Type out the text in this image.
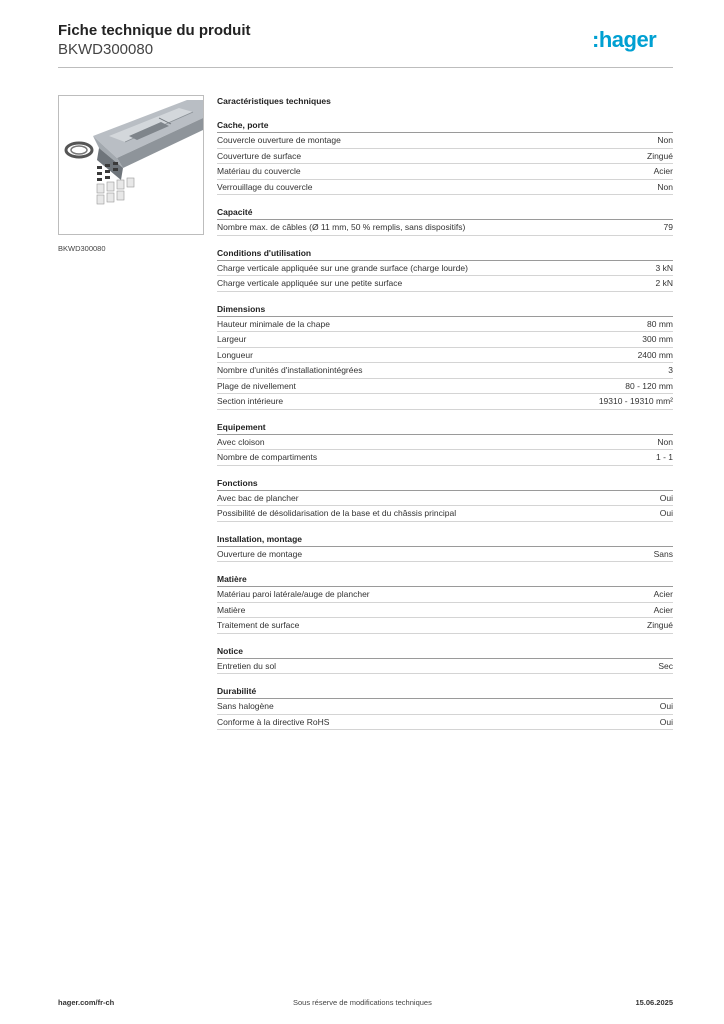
Fiche technique du produit
BKWD300080	:hager
BKWD300080
Caractéristiques techniques
Cache, porte
Couvercle ouverture de montage	Non
Couverture de surface	Zingué
Matériau du couvercle	Acier
Verrouillage du couvercle	Non
Capacité
Nombre max. de câbles (Ø 11 mm, 50 % remplis, sans dispositifs)	79
Conditions d'utilisation
Charge verticale appliquée sur une grande surface (charge lourde)	3 kN
Charge verticale appliquée sur une petite surface	2 kN
Dimensions
Hauteur minimale de la chape	80 mm
Largeur	300 mm
Longueur	2400 mm
Nombre d'unités d'installationintégrées	3
Plage de nivellement	80 - 120 mm
Section intérieure	19310 - 19310 mm²
Equipement
Avec cloison	Non
Nombre de compartiments	1 - 1
Fonctions
Avec bac de plancher	Oui
Possibilité de désolidarisation de la base et du châssis principal	Oui
Installation, montage
Ouverture de montage	Sans
Matière
Matériau paroi latérale/auge de plancher	Acier
Matière	Acier
Traitement de surface	Zingué
Notice
Entretien du sol	Sec
Durabilité
Sans halogène	Oui
Conforme à la directive RoHS	Oui
hager.com/fr-ch	Sous réserve de modifications techniques	15.06.2025
